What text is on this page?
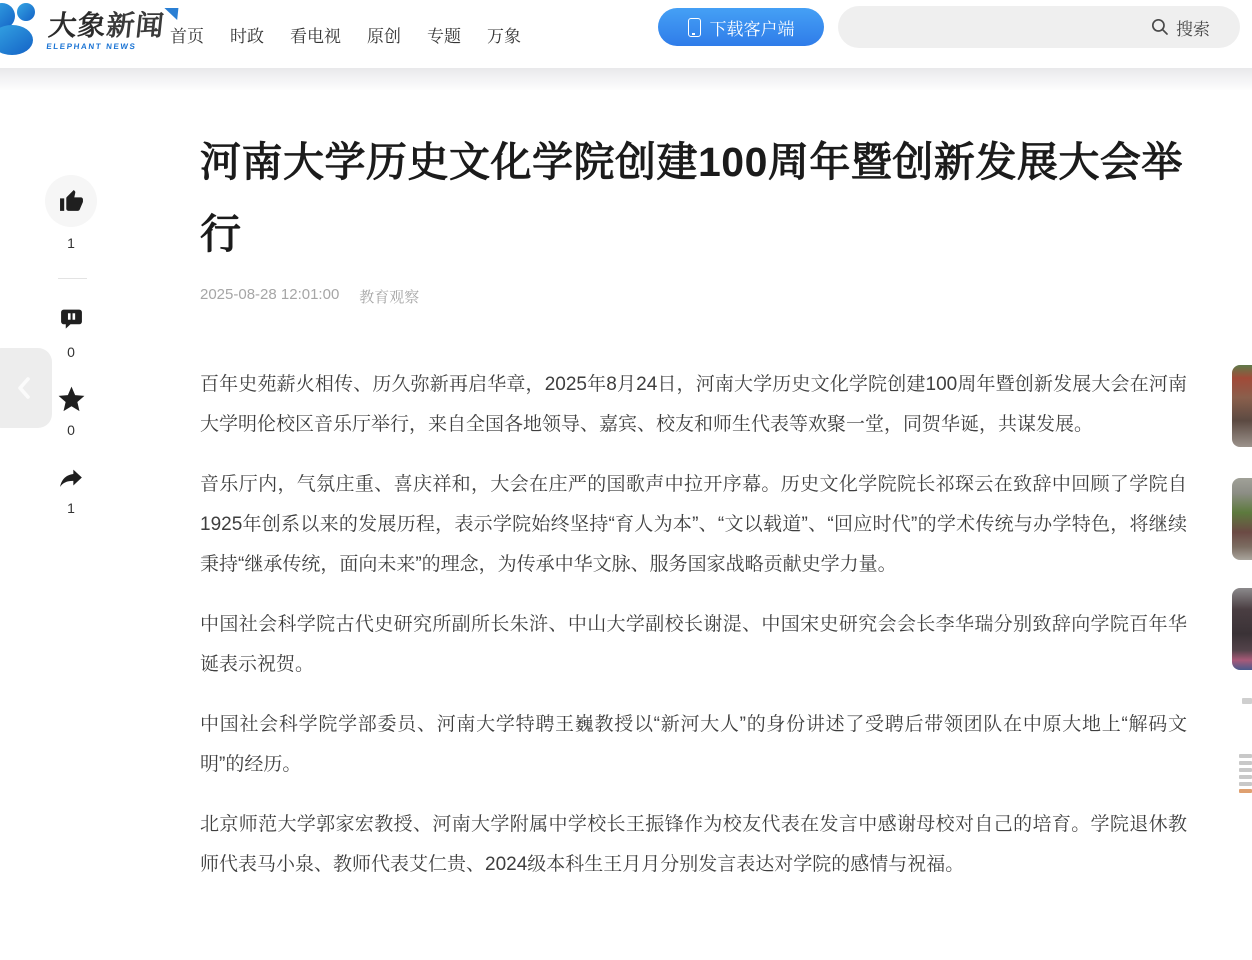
大象新闻
ELEPHANT NEWS
首页 时政 看电视 原创 专题 万象	下载客户端	搜索
1
0
0
1
河南大学历史文化学院创建100周年暨创新发展大会举行
2025-08-28 12:01:00 教育观察

百年史苑薪火相传、历久弥新再启华章，2025年8月24日，河南大学历史文化学院创建100周年暨创新发展大会在河南大学明伦校区音乐厅举行，来自全国各地领导、嘉宾、校友和师生代表等欢聚一堂，同贺华诞，共谋发展。

音乐厅内，气氛庄重、喜庆祥和，大会在庄严的国歌声中拉开序幕。历史文化学院院长祁琛云在致辞中回顾了学院自1925年创系以来的发展历程，表示学院始终坚持“育人为本”、“文以载道”、“回应时代”的学术传统与办学特色，将继续秉持“继承传统，面向未来”的理念，为传承中华文脉、服务国家战略贡献史学力量。

中国社会科学院古代史研究所副所长朱浒、中山大学副校长谢湜、中国宋史研究会会长李华瑞分别致辞向学院百年华诞表示祝贺。

中国社会科学院学部委员、河南大学特聘王巍教授以“新河大人”的身份讲述了受聘后带领团队在中原大地上“解码文明”的经历。

北京师范大学郭家宏教授、河南大学附属中学校长王振锋作为校友代表在发言中感谢母校对自己的培育。学院退休教师代表马小泉、教师代表艾仁贵、2024级本科生王月月分别发言表达对学院的感情与祝福。
